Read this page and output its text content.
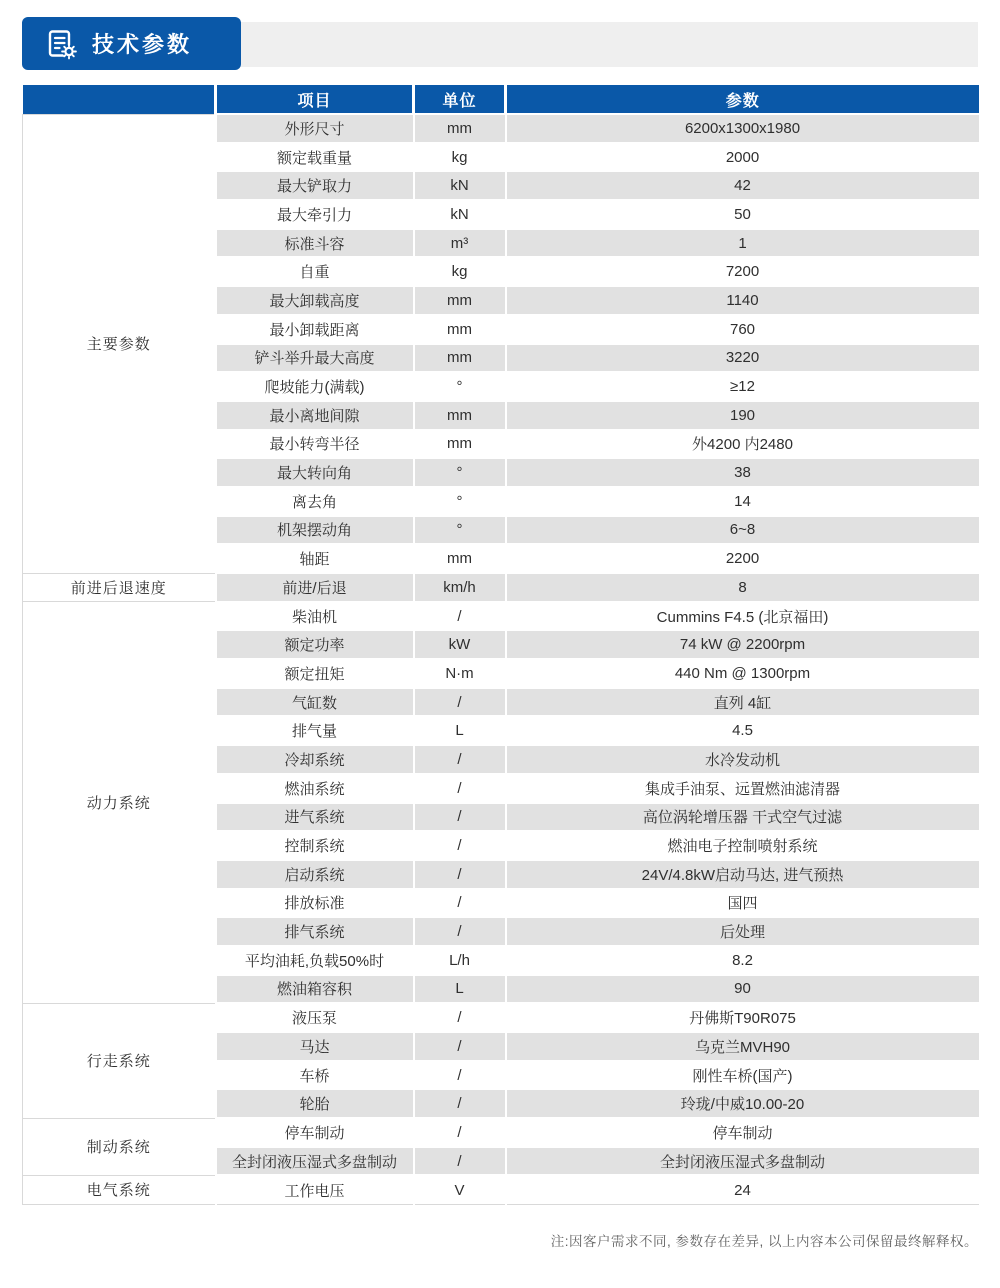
技术参数
	项目	单位	参数
主要参数	外形尺寸	mm	6200x1300x1980
	额定载重量	kg	2000
	最大铲取力	kN	42
	最大牵引力	kN	50
	标准斗容	m³	1
	自重	kg	7200
	最大卸载高度	mm	1140
	最小卸载距离	mm	760
	铲斗举升最大高度	mm	3220
	爬坡能力(满载)	°	≥12
	最小离地间隙	mm	190
	最小转弯半径	mm	外4200 内2480
	最大转向角	°	38
	离去角	°	14
	机架摆动角	°	6~8
	轴距	mm	2200
前进后退速度	前进/后退	km/h	8
动力系统	柴油机	/	Cummins F4.5 (北京福田)
	额定功率	kW	74 kW @ 2200rpm
	额定扭矩	N·m	440 Nm @ 1300rpm
	气缸数	/	直列 4缸
	排气量	L	4.5
	冷却系统	/	水冷发动机
	燃油系统	/	集成手油泵、远置燃油滤清器
	进气系统	/	高位涡轮增压器 干式空气过滤
	控制系统	/	燃油电子控制喷射系统
	启动系统	/	24V/4.8kW启动马达, 进气预热
	排放标准	/	国四
	排气系统	/	后处理
	平均油耗,负载50%时	L/h	8.2
	燃油箱容积	L	90
行走系统	液压泵	/	丹佛斯T90R075
	马达	/	乌克兰MVH90
	车桥	/	刚性车桥(国产)
	轮胎	/	玲珑/中威10.00-20
制动系统	停车制动	/	停车制动
	全封闭液压湿式多盘制动	/	全封闭液压湿式多盘制动
电气系统	工作电压	V	24
注:因客户需求不同, 参数存在差异, 以上内容本公司保留最终解释权。
